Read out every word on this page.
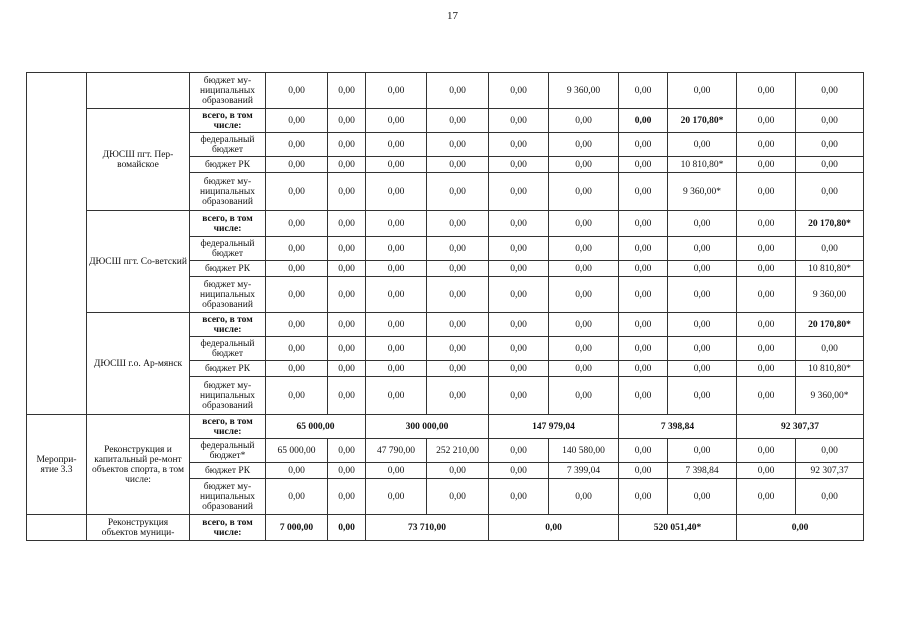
17
		бюджет му-ниципальных образований	0,00	0,00	0,00	0,00	0,00	9 360,00	0,00	0,00	0,00	0,00
	ДЮСШ пгт. Пер-вомайское	всего, в том числе:	0,00	0,00	0,00	0,00	0,00	0,00	0,00	20 170,80*	0,00	0,00
		федеральный бюджет	0,00	0,00	0,00	0,00	0,00	0,00	0,00	0,00	0,00	0,00
		бюджет РК	0,00	0,00	0,00	0,00	0,00	0,00	0,00	10 810,80*	0,00	0,00
		бюджет му-ниципальных образований	0,00	0,00	0,00	0,00	0,00	0,00	0,00	9 360,00*	0,00	0,00
	ДЮСШ пгт. Со-ветский	всего, в том числе:	0,00	0,00	0,00	0,00	0,00	0,00	0,00	0,00	0,00	20 170,80*
		федеральный бюджет	0,00	0,00	0,00	0,00	0,00	0,00	0,00	0,00	0,00	0,00
		бюджет РК	0,00	0,00	0,00	0,00	0,00	0,00	0,00	0,00	0,00	10 810,80*
		бюджет му-ниципальных образований	0,00	0,00	0,00	0,00	0,00	0,00	0,00	0,00	0,00	9 360,00
	ДЮСШ г.о. Ар-мянск	всего, в том числе:	0,00	0,00	0,00	0,00	0,00	0,00	0,00	0,00	0,00	20 170,80*
		федеральный бюджет	0,00	0,00	0,00	0,00	0,00	0,00	0,00	0,00	0,00	0,00
		бюджет РК	0,00	0,00	0,00	0,00	0,00	0,00	0,00	0,00	0,00	10 810,80*
		бюджет му-ниципальных образований	0,00	0,00	0,00	0,00	0,00	0,00	0,00	0,00	0,00	9 360,00*
Меропри-ятие 3.3	Реконструкция и капитальный ре-монт объектов спорта, в том числе:	всего, в том числе:	65 000,00		300 000,00		147 979,04		7 398,84		92 307,37	
		федеральный бюджет*	65 000,00	0,00	47 790,00	252 210,00	0,00	140 580,00	0,00	0,00	0,00	0,00
		бюджет РК	0,00	0,00	0,00	0,00	0,00	7 399,04	0,00	7 398,84	0,00	92 307,37
		бюджет му-ниципальных образований	0,00	0,00	0,00	0,00	0,00	0,00	0,00	0,00	0,00	0,00
	Реконструкция объектов муници-	всего, в том числе:	7 000,00	0,00	73 710,00		0,00		520 051,40*		0,00	
